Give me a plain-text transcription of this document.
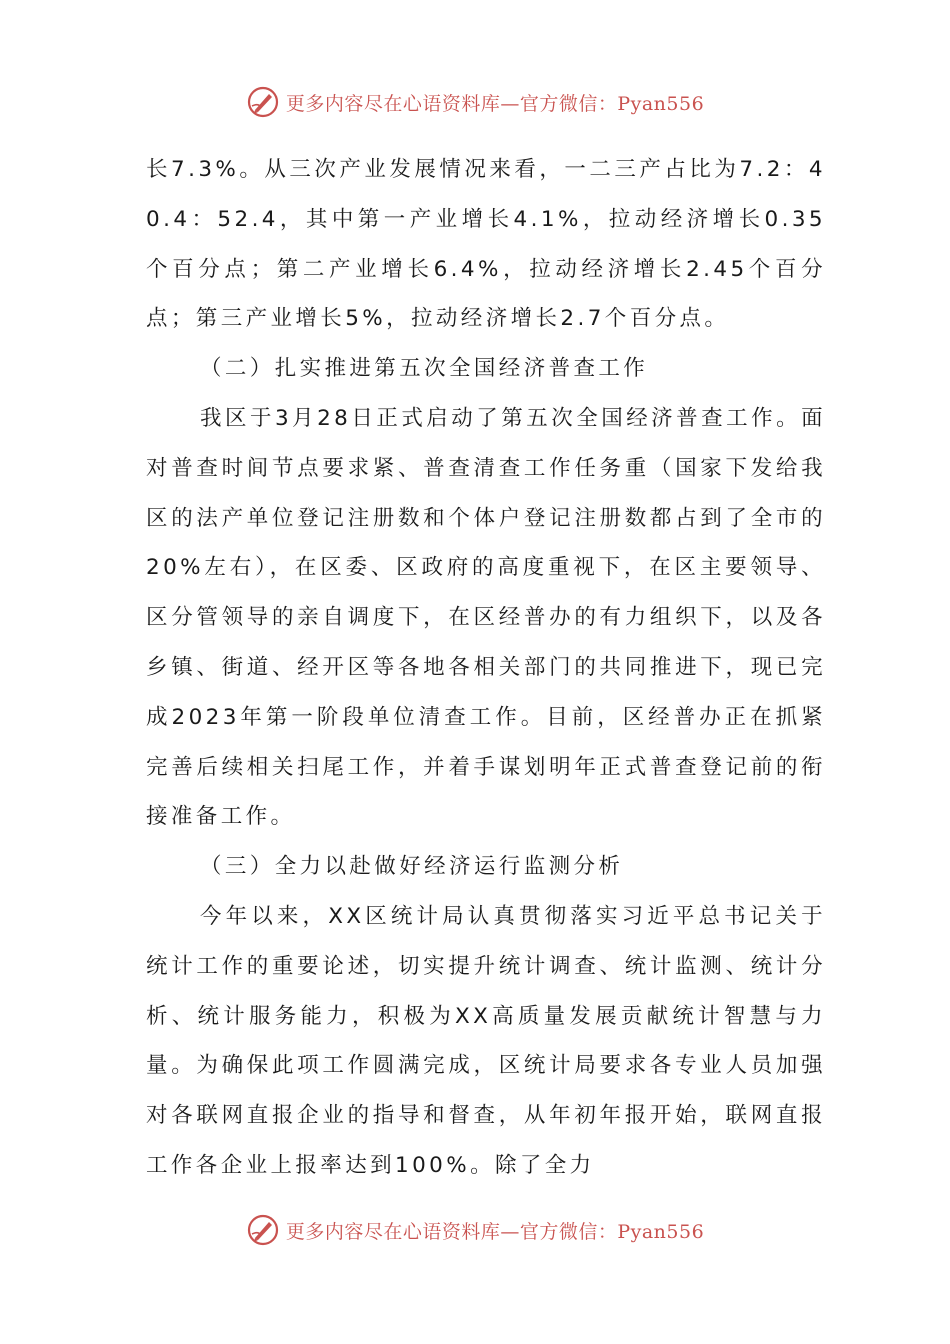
更多内容尽在心语资料库—官方微信：Pyan556

长7.3%。从三次产业发展情况来看，一二三产占比为7.2：40.4：52.4，其中第一产业增长4.1%，拉动经济增长0.35个百分点；第二产业增长6.4%，拉动经济增长2.45个百分点；第三产业增长5%，拉动经济增长2.7个百分点。

（二）扎实推进第五次全国经济普查工作

我区于3月28日正式启动了第五次全国经济普查工作。面对普查时间节点要求紧、普查清查工作任务重（国家下发给我区的法产单位登记注册数和个体户登记注册数都占到了全市的20%左右），在区委、区政府的高度重视下，在区主要领导、区分管领导的亲自调度下，在区经普办的有力组织下，以及各乡镇、街道、经开区等各地各相关部门的共同推进下，现已完成2023年第一阶段单位清查工作。目前，区经普办正在抓紧完善后续相关扫尾工作，并着手谋划明年正式普查登记前的衔接准备工作。

（三）全力以赴做好经济运行监测分析

今年以来，XX区统计局认真贯彻落实习近平总书记关于统计工作的重要论述，切实提升统计调查、统计监测、统计分析、统计服务能力，积极为XX高质量发展贡献统计智慧与力量。为确保此项工作圆满完成，区统计局要求各专业人员加强对各联网直报企业的指导和督查，从年初年报开始，联网直报工作各企业上报率达到100%。除了全力

更多内容尽在心语资料库—官方微信：Pyan556
